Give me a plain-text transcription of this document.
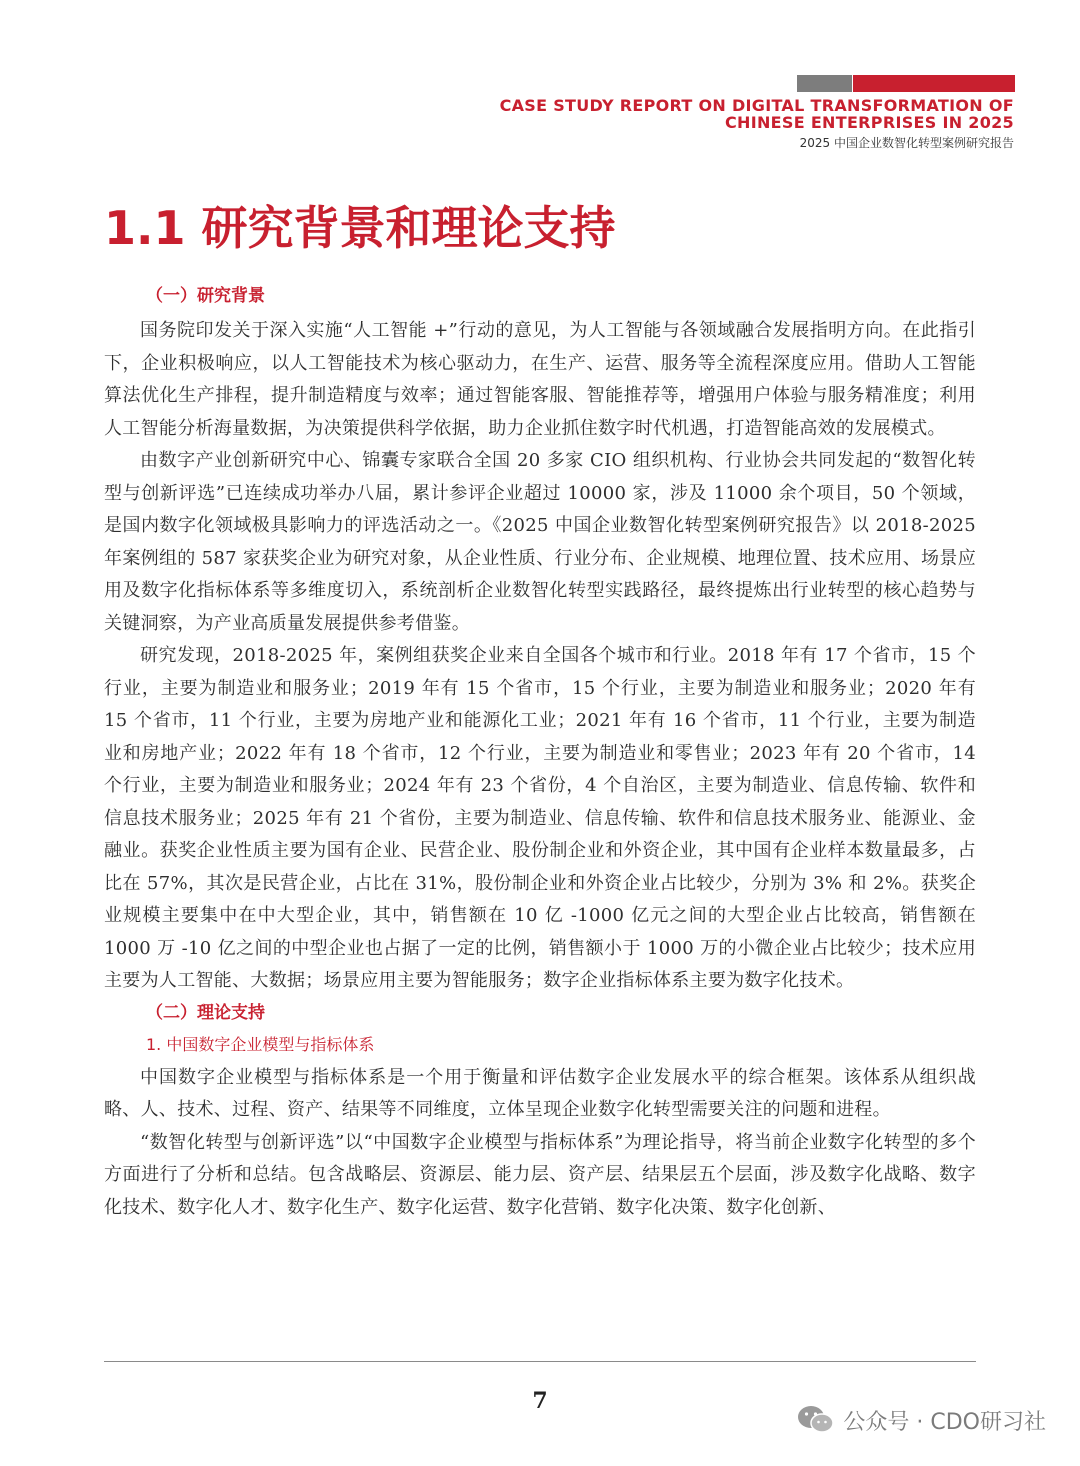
CASE STUDY REPORT ON DIGITAL TRANSFORMATION OF
CHINESE ENTERPRISES IN 2025
2025 中国企业数智化转型案例研究报告
1.1 研究背景和理论支持
（一）研究背景

国务院印发关于深入实施“人工智能 +”行动的意见，为人工智能与各领域融合发展指明方向。在此指引下，企业积极响应，以人工智能技术为核心驱动力，在生产、运营、服务等全流程深度应用。借助人工智能算法优化生产排程，提升制造精度与效率；通过智能客服、智能推荐等，增强用户体验与服务精准度；利用人工智能分析海量数据，为决策提供科学依据，助力企业抓住数字时代机遇，打造智能高效的发展模式。

由数字产业创新研究中心、锦囊专家联合全国 20 多家 CIO 组织机构、行业协会共同发起的“数智化转型与创新评选”已连续成功举办八届，累计参评企业超过 10000 家，涉及 11000 余个项目，50 个领域，是国内数字化领域极具影响力的评选活动之一。《2025 中国企业数智化转型案例研究报告》以 2018-2025 年案例组的 587 家获奖企业为研究对象，从企业性质、行业分布、企业规模、地理位置、技术应用、场景应用及数字化指标体系等多维度切入，系统剖析企业数智化转型实践路径，最终提炼出行业转型的核心趋势与关键洞察，为产业高质量发展提供参考借鉴。

研究发现，2018-2025 年，案例组获奖企业来自全国各个城市和行业。2018 年有 17 个省市，15 个行业，主要为制造业和服务业；2019 年有 15 个省市，15 个行业，主要为制造业和服务业；2020 年有 15 个省市，11 个行业，主要为房地产业和能源化工业；2021 年有 16 个省市，11 个行业，主要为制造业和房地产业；2022 年有 18 个省市，12 个行业，主要为制造业和零售业；2023 年有 20 个省市，14 个行业，主要为制造业和服务业；2024 年有 23 个省份，4 个自治区，主要为制造业、信息传输、软件和信息技术服务业；2025 年有 21 个省份，主要为制造业、信息传输、软件和信息技术服务业、能源业、金融业。获奖企业性质主要为国有企业、民营企业、股份制企业和外资企业，其中国有企业样本数量最多，占比在 57%，其次是民营企业，占比在 31%，股份制企业和外资企业占比较少，分别为 3% 和 2%。获奖企业规模主要集中在中大型企业，其中，销售额在 10 亿 -1000 亿元之间的大型企业占比较高，销售额在 1000 万 -10 亿之间的中型企业也占据了一定的比例，销售额小于 1000 万的小微企业占比较少；技术应用主要为人工智能、大数据；场景应用主要为智能服务；数字企业指标体系主要为数字化技术。

（二）理论支持
1. 中国数字企业模型与指标体系

中国数字企业模型与指标体系是一个用于衡量和评估数字企业发展水平的综合框架。该体系从组织战略、人、技术、过程、资产、结果等不同维度，立体呈现企业数字化转型需要关注的问题和进程。

“数智化转型与创新评选”以“中国数字企业模型与指标体系”为理论指导，将当前企业数字化转型的多个方面进行了分析和总结。包含战略层、资源层、能力层、资产层、结果层五个层面，涉及数字化战略、数字化技术、数字化人才、数字化生产、数字化运营、数字化营销、数字化决策、数字化创新、

7
公众号 · CDO研习社
